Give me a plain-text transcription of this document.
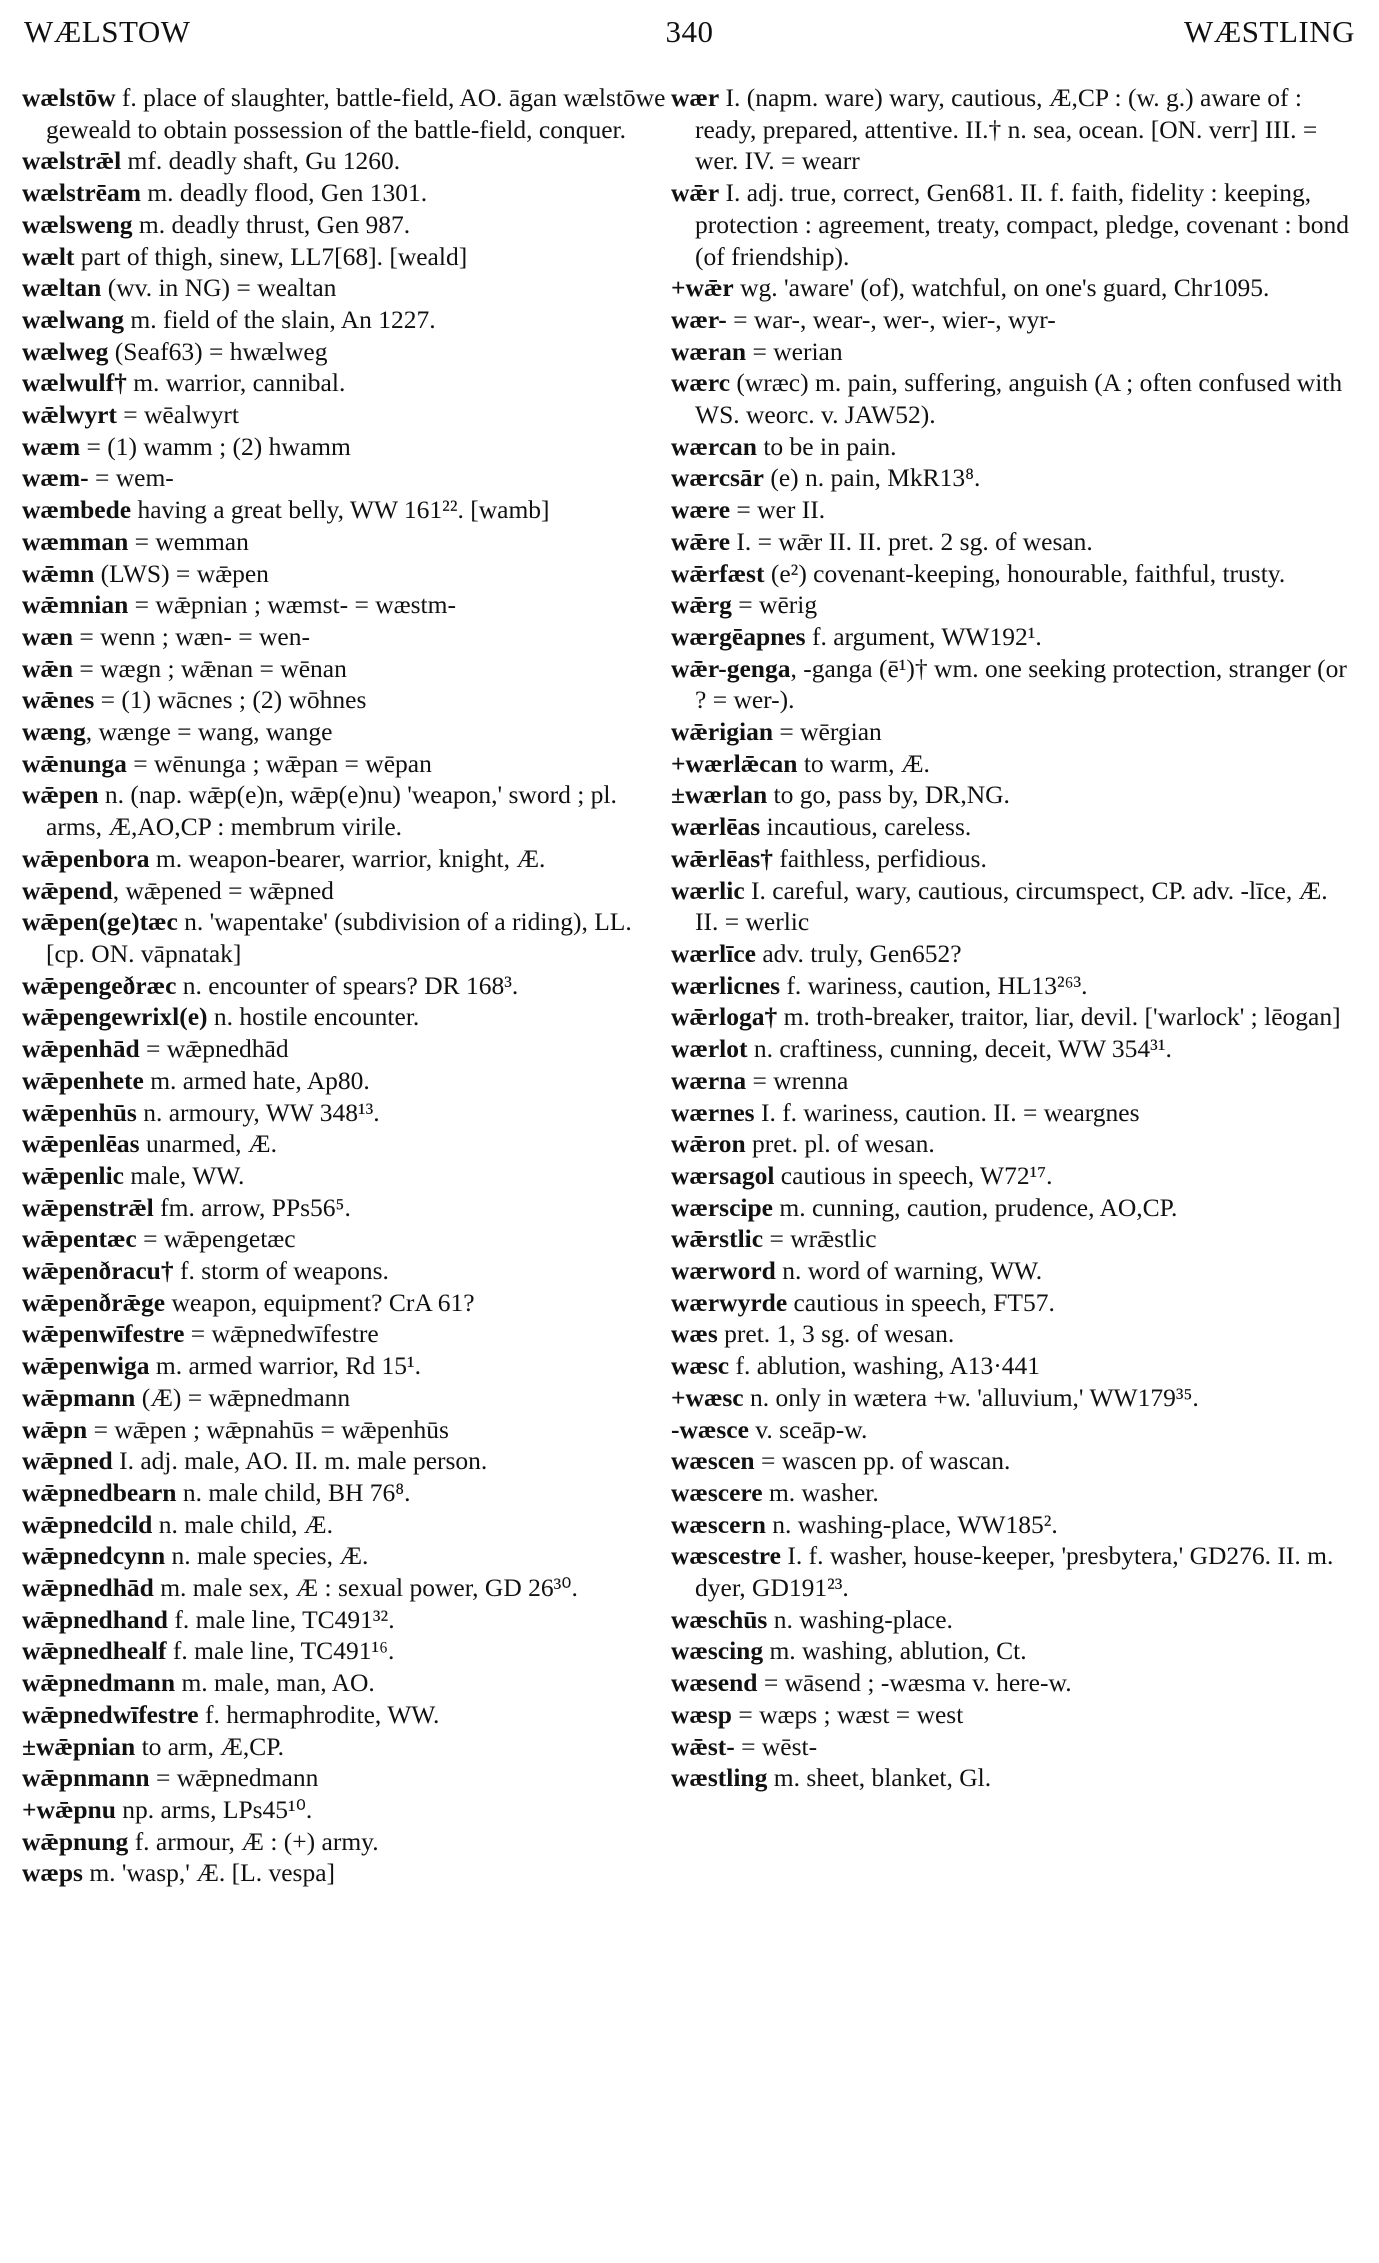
WÆLSTOW	340	WÆSTLING

wælstōw f. place of slaughter, battle-field, AO. āgan wælstōwe geweald to obtain possession of the battle-field, conquer.

wælstrǣl mf. deadly shaft, Gu 1260.

wælstrēam m. deadly flood, Gen 1301.

wælsweng m. deadly thrust, Gen 987.

wælt part of thigh, sinew, LL7[68]. [weald]

wæltan (wv. in NG) = wealtan

wælwang m. field of the slain, An 1227.

wælweg (Seaf63) = hwælweg

wælwulf† m. warrior, cannibal.

wǣlwyrt = wēalwyrt

wæm = (1) wamm ; (2) hwamm

wæm- = wem-

wæmbede having a great belly, WW 161²². [wamb]

wæmman = wemman

wǣmn (LWS) = wǣpen

wǣmnian = wǣpnian ; wæmst- = wæstm-

wæn = wenn ; wæn- = wen-

wǣn = wægn ; wǣnan = wēnan

wǣnes = (1) wācnes ; (2) wōhnes

wæng, wænge = wang, wange

wǣnunga = wēnunga ; wǣpan = wēpan

wǣpen n. (nap. wǣp(e)n, wǣp(e)nu) 'weapon,' sword ; pl. arms, Æ,AO,CP : membrum virile.

wǣpenbora m. weapon-bearer, warrior, knight, Æ.

wǣpend, wǣpened = wǣpned

wǣpen(ge)tæc n. 'wapentake' (subdivision of a riding), LL. [cp. ON. vāpnatak]

wǣpengeðræc n. encounter of spears? DR 168³.

wǣpengewrixl(e) n. hostile encounter.

wǣpenhād = wǣpnedhād

wǣpenhete m. armed hate, Ap80.

wǣpenhūs n. armoury, WW 348¹³.

wǣpenlēas unarmed, Æ.

wǣpenlic male, WW.

wǣpenstrǣl fm. arrow, PPs56⁵.

wǣpentæc = wǣpengetæc

wǣpenðracu† f. storm of weapons.

wǣpenðrǣge weapon, equipment? CrA 61?

wǣpenwīfestre = wǣpnedwīfestre

wǣpenwiga m. armed warrior, Rd 15¹.

wǣpmann (Æ) = wǣpnedmann

wǣpn = wǣpen ; wǣpnahūs = wǣpenhūs

wǣpned I. adj. male, AO. II. m. male person.

wǣpnedbearn n. male child, BH 76⁸.

wǣpnedcild n. male child, Æ.

wǣpnedcynn n. male species, Æ.

wǣpnedhād m. male sex, Æ : sexual power, GD 26³⁰.

wǣpnedhand f. male line, TC491³².

wǣpnedhealf f. male line, TC491¹⁶.

wǣpnedmann m. male, man, AO.

wǣpnedwīfestre f. hermaphrodite, WW.

±wǣpnian to arm, Æ,CP.

wǣpnmann = wǣpnedmann

+wǣpnu np. arms, LPs45¹⁰.

wǣpnung f. armour, Æ : (+) army.

wæps m. 'wasp,' Æ. [L. vespa]

wær I. (napm. ware) wary, cautious, Æ,CP : (w. g.) aware of : ready, prepared, attentive. II.† n. sea, ocean. [ON. verr] III. = wer. IV. = wearr

wǣr I. adj. true, correct, Gen681. II. f. faith, fidelity : keeping, protection : agreement, treaty, compact, pledge, covenant : bond (of friendship).

+wǣr wg. 'aware' (of), watchful, on one's guard, Chr1095.

wær- = war-, wear-, wer-, wier-, wyr-

wæran = werian

wærc (wræc) m. pain, suffering, anguish (A ; often confused with WS. weorc. v. JAW52).

wærcan to be in pain.

wærcsār (e) n. pain, MkR13⁸.

wære = wer II.

wǣre I. = wǣr II. II. pret. 2 sg. of wesan.

wǣrfæst (e²) covenant-keeping, honourable, faithful, trusty.

wǣrg = wērig

wærgēapnes f. argument, WW192¹.

wǣr-genga, -ganga (ē¹)† wm. one seeking protection, stranger (or ? = wer-).

wǣrigian = wērgian

+wærlǣcan to warm, Æ.

±wærlan to go, pass by, DR,NG.

wærlēas incautious, careless.

wǣrlēas† faithless, perfidious.

wærlic I. careful, wary, cautious, circumspect, CP. adv. -līce, Æ. II. = werlic

wærlīce adv. truly, Gen652?

wærlicnes f. wariness, caution, HL13²⁶³.

wǣrloga† m. troth-breaker, traitor, liar, devil. ['warlock' ; lēogan]

wærlot n. craftiness, cunning, deceit, WW 354³¹.

wærna = wrenna

wærnes I. f. wariness, caution. II. = weargnes

wǣron pret. pl. of wesan.

wærsagol cautious in speech, W72¹⁷.

wærscipe m. cunning, caution, prudence, AO,CP.

wǣrstlic = wrǣstlic

wærword n. word of warning, WW.

wærwyrde cautious in speech, FT57.

wæs pret. 1, 3 sg. of wesan.

wæsc f. ablution, washing, A13·441

+wæsc n. only in wætera +w. 'alluvium,' WW179³⁵.

-wæsce v. sceāp-w.

wæscen = wascen pp. of wascan.

wæscere m. washer.

wæscern n. washing-place, WW185².

wæscestre I. f. washer, house-keeper, 'presbytera,' GD276. II. m. dyer, GD191²³.

wæschūs n. washing-place.

wæscing m. washing, ablution, Ct.

wæsend = wāsend ; -wæsma v. here-w.

wæsp = wæps ; wæst = west

wǣst- = wēst-

wæstling m. sheet, blanket, Gl.
